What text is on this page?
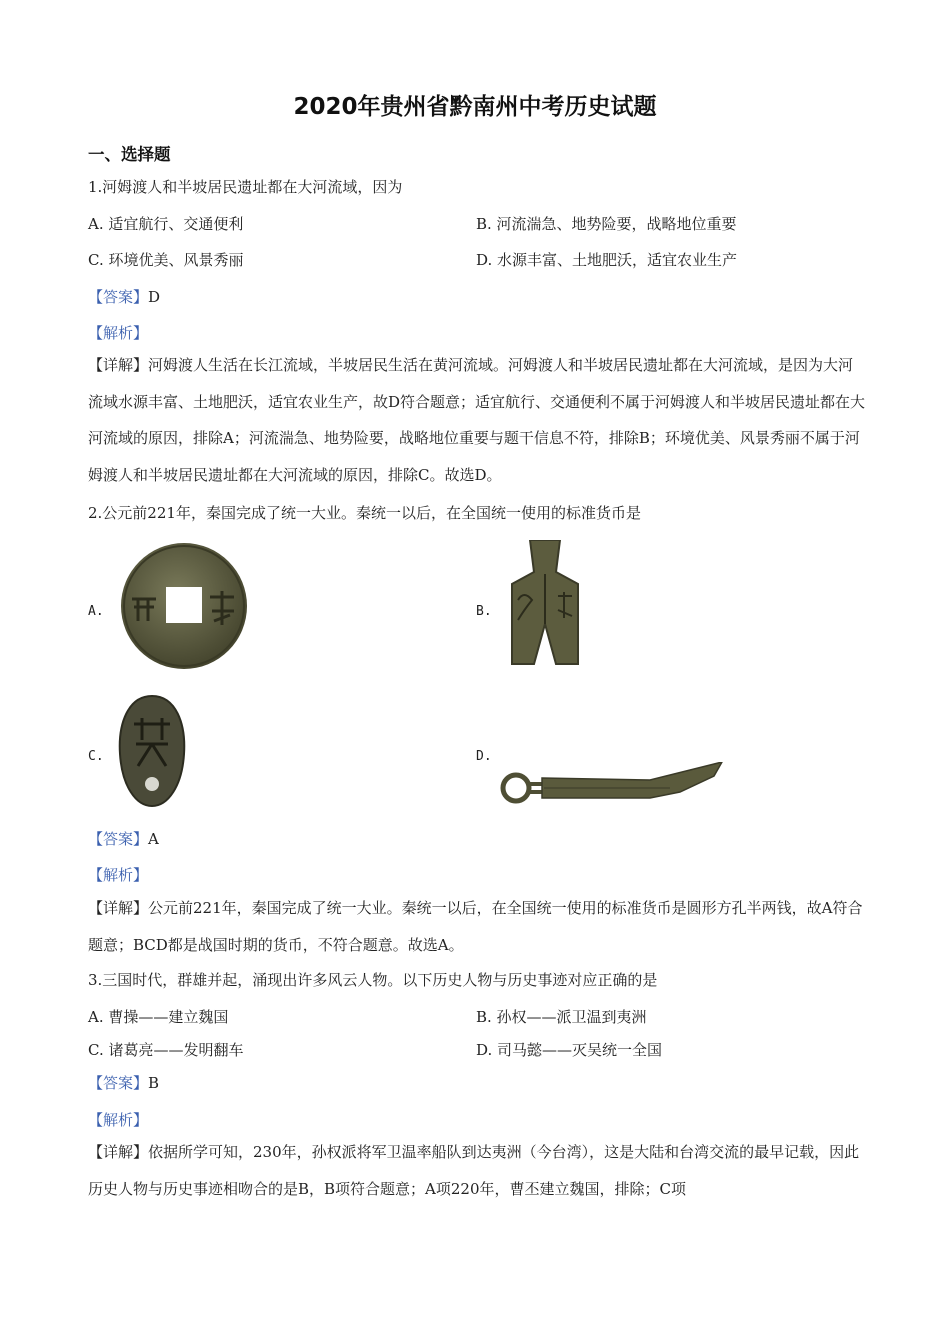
2020年贵州省黔南州中考历史试题
一、选择题
1.河姆渡人和半坡居民遗址都在大河流域，因为
A. 适宜航行、交通便利	B. 河流湍急、地势险要，战略地位重要
C. 环境优美、风景秀丽	D. 水源丰富、土地肥沃，适宜农业生产
【答案】D
【解析】
【详解】河姆渡人生活在长江流域，半坡居民生活在黄河流域。河姆渡人和半坡居民遗址都在大河流域，是因为大河流域水源丰富、土地肥沃，适宜农业生产，故D符合题意；适宜航行、交通便利不属于河姆渡人和半坡居民遗址都在大河流域的原因，排除A；河流湍急、地势险要，战略地位重要与题干信息不符，排除B；环境优美、风景秀丽不属于河姆渡人和半坡居民遗址都在大河流域的原因，排除C。故选D。
2.公元前221年，秦国完成了统一大业。秦统一以后，在全国统一使用的标准货币是
A.	B.
C.	D.
【答案】A
【解析】
【详解】公元前221年，秦国完成了统一大业。秦统一以后，在全国统一使用的标准货币是圆形方孔半两钱，故A符合题意；BCD都是战国时期的货币，不符合题意。故选A。
3.三国时代，群雄并起，涌现出许多风云人物。以下历史人物与历史事迹对应正确的是
A. 曹操——建立魏国	B. 孙权——派卫温到夷洲
C. 诸葛亮——发明翻车	D. 司马懿——灭吴统一全国
【答案】B
【解析】
【详解】依据所学可知，230年，孙权派将军卫温率船队到达夷洲（今台湾），这是大陆和台湾交流的最早记载，因此历史人物与历史事迹相吻合的是B，B项符合题意；A项220年，曹丕建立魏国，排除；C项
